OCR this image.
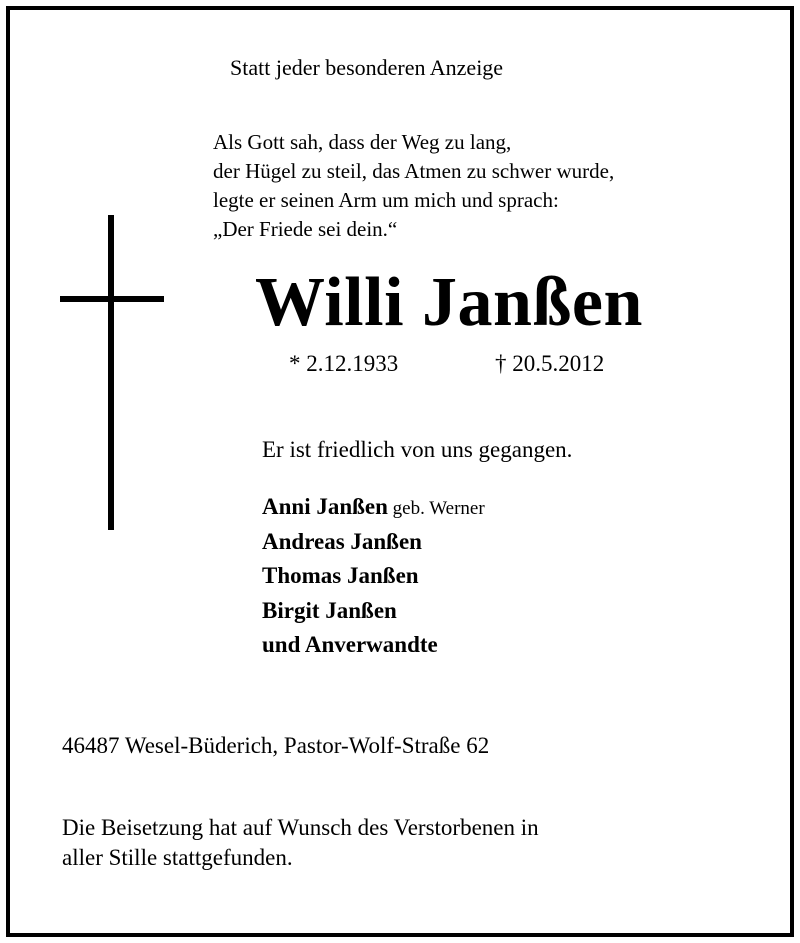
Statt jeder besonderen Anzeige
Als Gott sah, dass der Weg zu lang,
der Hügel zu steil, das Atmen zu schwer wurde,
legte er seinen Arm um mich und sprach:
„Der Friede sei dein.“
Willi Janßen
* 2.12.1933	† 20.5.2012
Er ist friedlich von uns gegangen.
Anni Janßen geb. Werner
Andreas Janßen
Thomas Janßen
Birgit Janßen
und Anverwandte
46487 Wesel-Büderich, Pastor-Wolf-Straße 62
Die Beisetzung hat auf Wunsch des Verstorbenen in
aller Stille stattgefunden.
